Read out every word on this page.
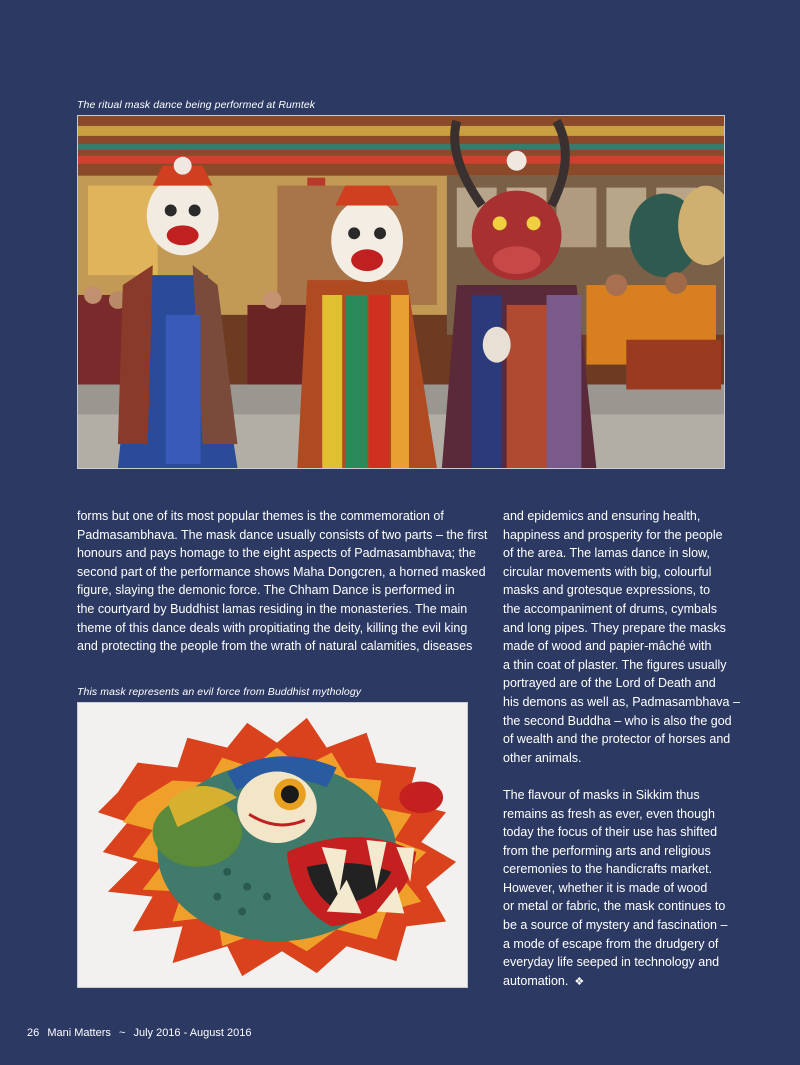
The ritual mask dance being performed at Rumtek
forms but one of its most popular themes is the commemoration of
Padmasambhava. The mask dance usually consists of two parts – the first
honours and pays homage to the eight aspects of Padmasambhava; the
second part of the performance shows Maha Dongcren, a horned masked
figure, slaying the demonic force. The Chham Dance is performed in
the courtyard by Buddhist lamas residing in the monasteries. The main
theme of this dance deals with propitiating the deity, killing the evil king
and protecting the people from the wrath of natural calamities, diseases
This mask represents an evil force from Buddhist mythology

and epidemics and ensuring health,
happiness and prosperity for the people
of the area. The lamas dance in slow,
circular movements with big, colourful
masks and grotesque expressions, to
the accompaniment of drums, cymbals
and long pipes. They prepare the masks
made of wood and papier-mâché with
a thin coat of plaster. The figures usually
portrayed are of the Lord of Death and
his demons as well as, Padmasambhava –
the second Buddha – who is also the god
of wealth and the protector of horses and
other animals.

The flavour of masks in Sikkim thus
remains as fresh as ever, even though
today the focus of their use has shifted
from the performing arts and religious
ceremonies to the handicrafts market.
However, whether it is made of wood
or metal or fabric, the mask continues to
be a source of mystery and fascination –
a mode of escape from the drudgery of
everyday life seeped in technology and
automation. ❖

26 Mani Matters ~ July 2016 - August 2016
